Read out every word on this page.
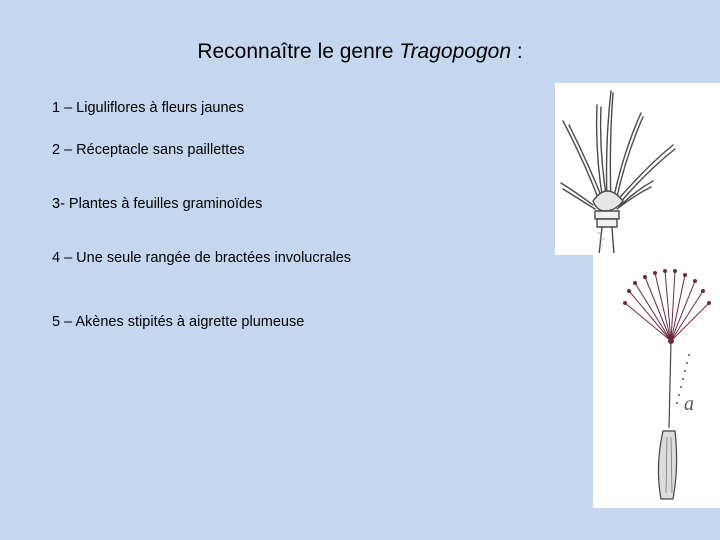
Reconnaître le genre Tragopogon :
1 – Liguliflores à fleurs jaunes
2 – Réceptacle sans paillettes
3- Plantes à feuilles graminoïdes
4 – Une seule rangée de bractées involucrales
5 – Akènes stipités à aigrette plumeuse
a
